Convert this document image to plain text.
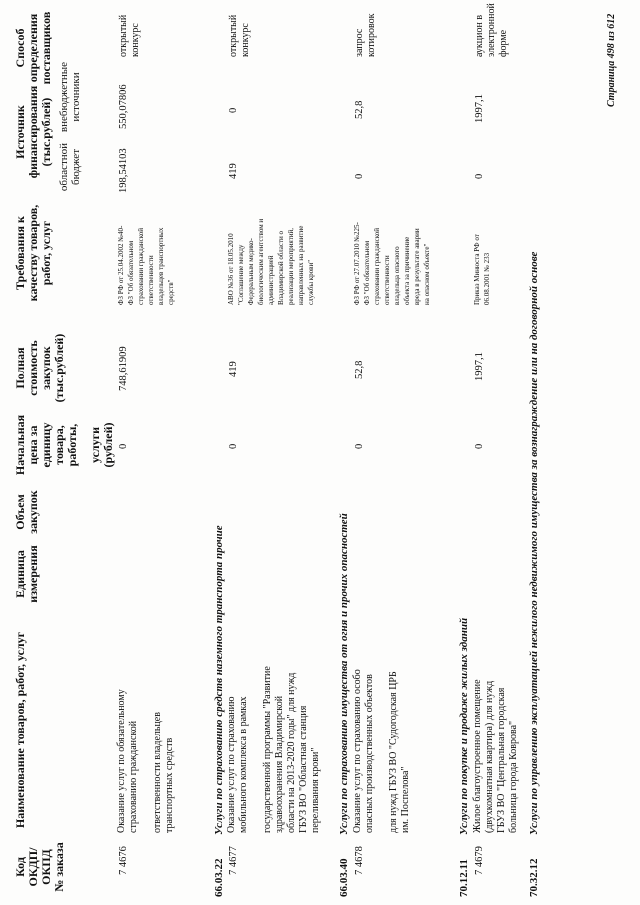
Код ОКДП/ ОКПД № заказа
Наименование товаров, работ, услуг
Единица измерения
Объем закупок
Начальная цена за единицу товара, работы, услуги (рублей)
Полная стоимость закупок (тыс.рублей)
Требования к качеству товаров, работ, услуг
Источник финансирования (тыс.рублей)
областной бюджет
внебюджетные источники
Способ определения поставщиков
7 4676
Оказание услуг по обязательному страхованию гражданской ответственности владельцев транспортных средств
0
748,61909
ФЗ РФ от 25.04.2002 №40- ФЗ "Об обязательном страховании гражданской ответственности владельцев транспортных средств"
198,54103
550,07806
открытый конкурс
66.03.22
Услуги по страхованию средств наземного транспорта прочие
7 4677
Оказание услуг по страхованию мобильного комплекса в рамках государственной программы "Развитие здравоохранения Владимирской области на 2013-2020 годы" для нужд ГБУЗ ВО "Областная станция переливания крови"
0
419
АВО №36 от 18.05.2010 "Соглашение между Федеральным медико- биологическим агентством и администрацией Владимирской области о реализации мероприятий, направленных на развитие службы крови"
419
0
открытый конкурс
66.03.40
Услуги по страхованию имущества от огня и прочих опасностей
7 4678
Оказание услуг по страхованию особо опасных производственных объектов для нужд ГБУЗ ВО "Судогодская ЦРБ им. Поспелова"
0
52,8
ФЗ РФ от 27.07.2010 №225- ФЗ "Об обязательном страховании гражданской ответственности владельца опасного объекта за причинение вреда в результате аварии на опасном объекте"
0
52,8
запрос котировок
70.12.11
Услуги по покупке и продаже жилых зданий
7 4679
Жилое благоустроенное помещение (двухкомнатная квартира) для нужд ГБУЗ ВО "Центральная городская больница города Коврова"
0
1997,1
Приказ Минюста РФ от 06.08.2001 № 233
0
1997,1
аукцион в электронной форме
70.32.12
Услуги по управлению эксплуатацией нежилого недвижимого имущества за вознаграждение или на договорной основе
Страница 498 из 612
